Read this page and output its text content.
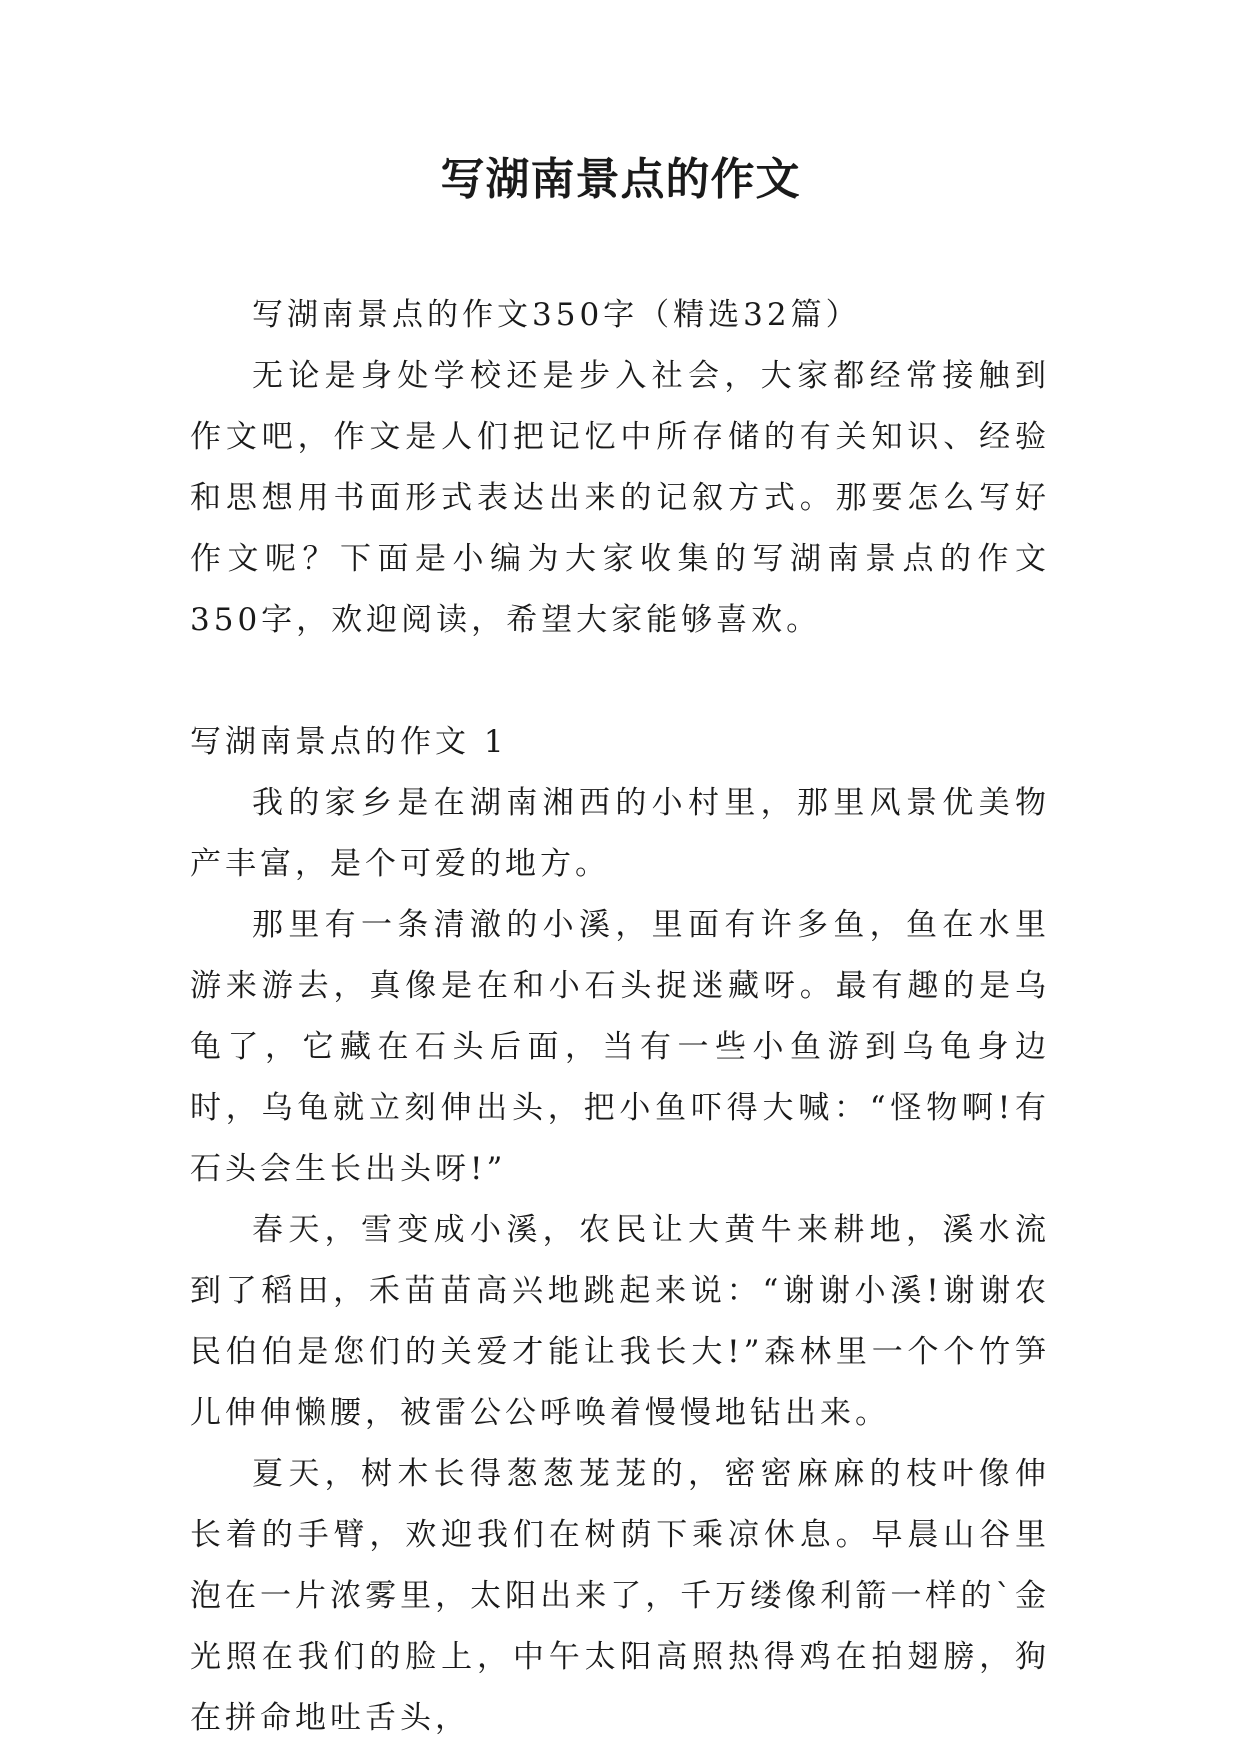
写湖南景点的作文

写湖南景点的作文350字（精选32篇）

无论是身处学校还是步入社会，大家都经常接触到作文吧，作文是人们把记忆中所存储的有关知识、经验和思想用书面形式表达出来的记叙方式。那要怎么写好作文呢？下面是小编为大家收集的写湖南景点的作文350字，欢迎阅读，希望大家能够喜欢。

写湖南景点的作文 1

我的家乡是在湖南湘西的小村里，那里风景优美物产丰富，是个可爱的地方。

那里有一条清澈的小溪，里面有许多鱼，鱼在水里游来游去，真像是在和小石头捉迷藏呀。最有趣的是乌龟了，它藏在石头后面，当有一些小鱼游到乌龟身边时，乌龟就立刻伸出头，把小鱼吓得大喊：“怪物啊!有石头会生长出头呀!”

春天，雪变成小溪，农民让大黄牛来耕地，溪水流到了稻田，禾苗苗高兴地跳起来说：“谢谢小溪!谢谢农民伯伯是您们的关爱才能让我长大!”森林里一个个竹笋儿伸伸懒腰，被雷公公呼唤着慢慢地钻出来。

夏天，树木长得葱葱茏茏的，密密麻麻的枝叶像伸长着的手臂，欢迎我们在树荫下乘凉休息。早晨山谷里泡在一片浓雾里，太阳出来了，千万缕像利箭一样的`金光照在我们的脸上，中午太阳高照热得鸡在拍翅膀，狗在拼命地吐舌头，
